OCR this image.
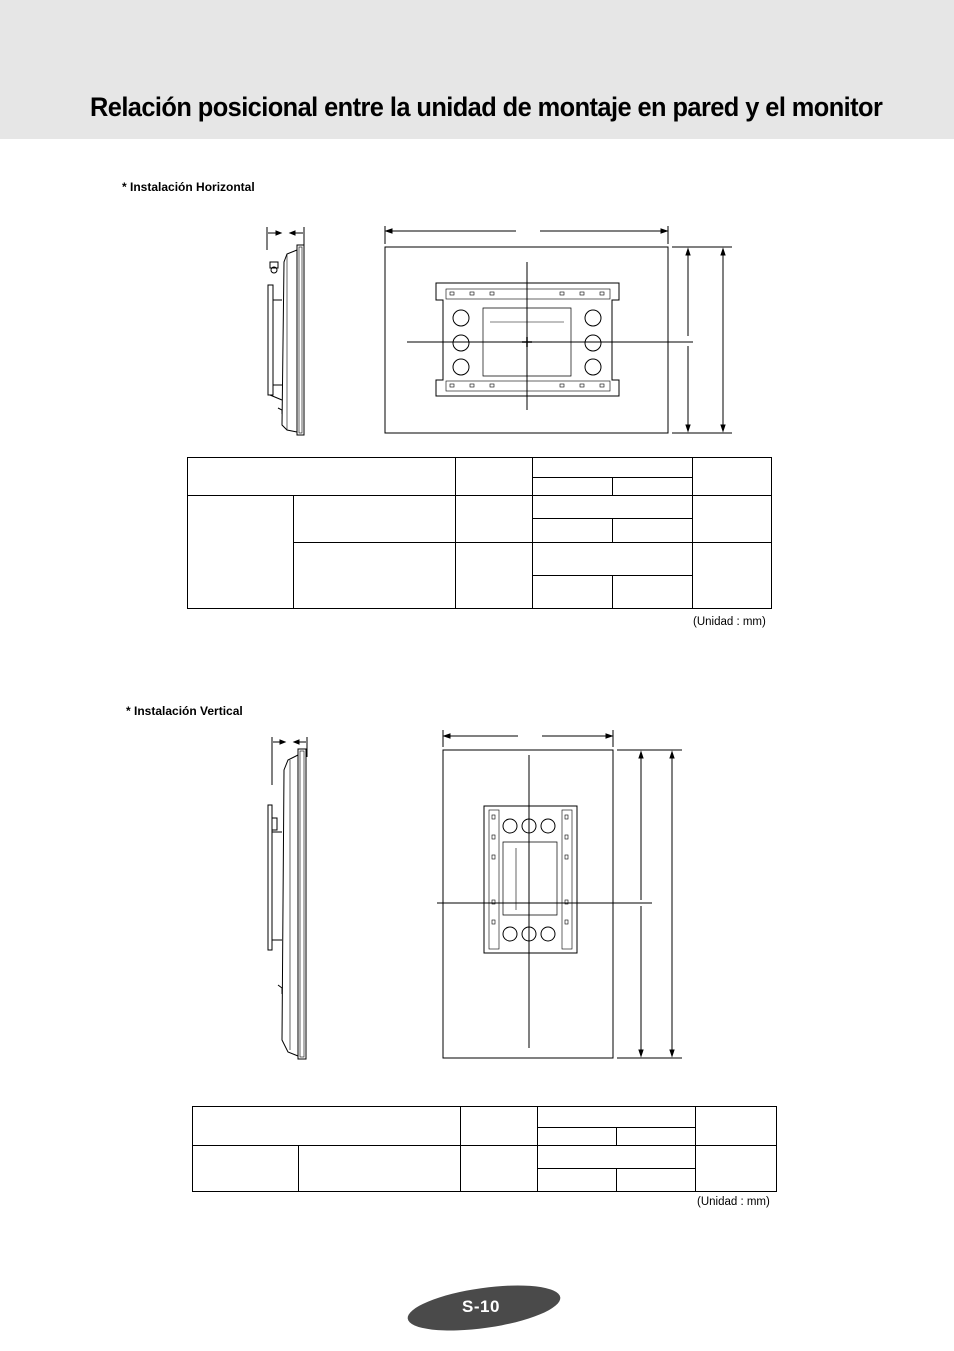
Relación posicional entre la unidad de montaje en pared y el monitor
* Instalación Horizontal

(Unidad : mm)
* Instalación Vertical

(Unidad : mm)
S-10
